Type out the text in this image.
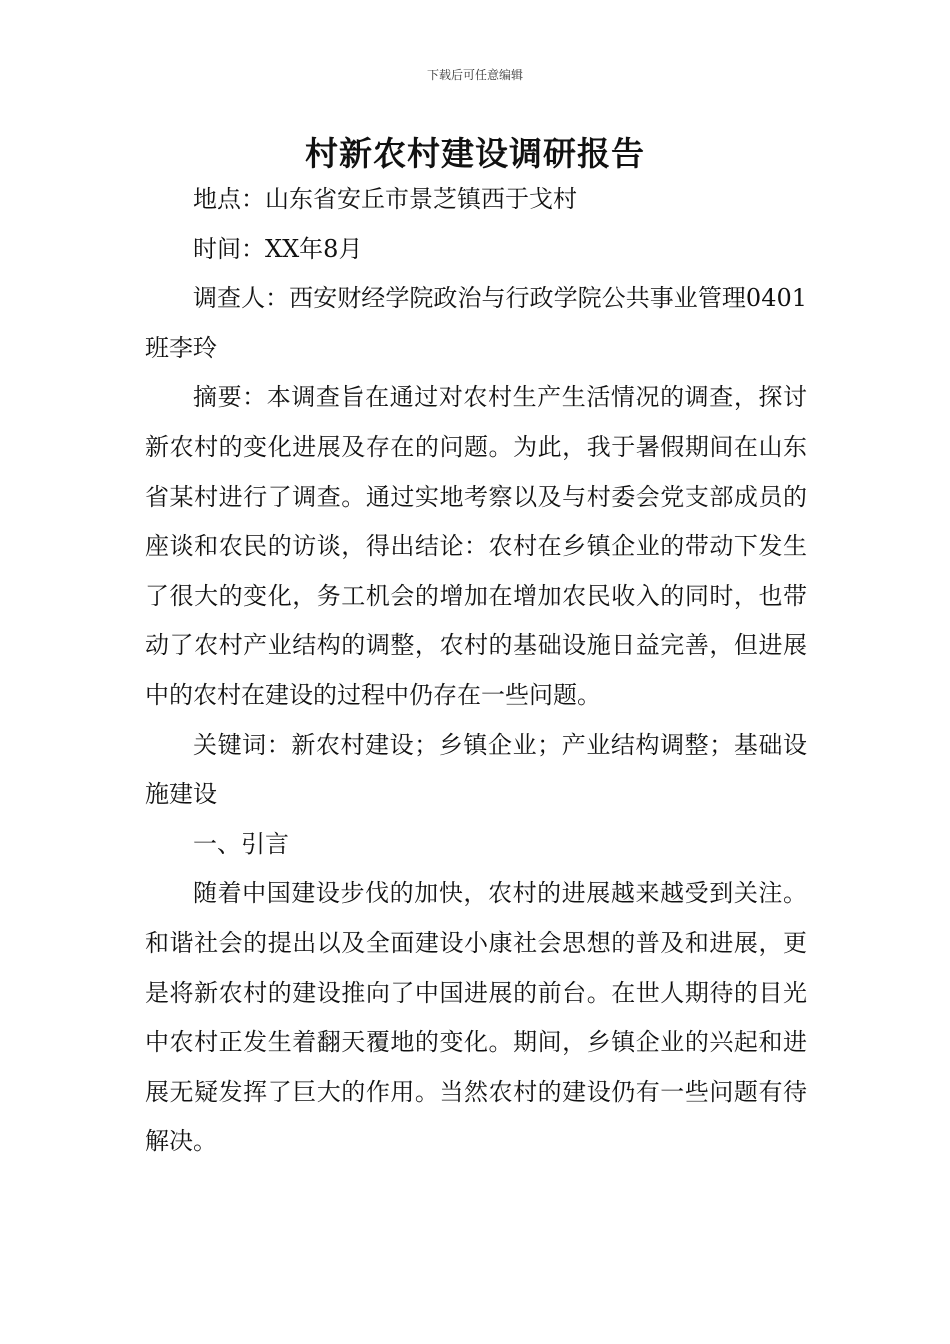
下载后可任意编辑
村新农村建设调研报告

地点：山东省安丘市景芝镇西于戈村

时间：XX年8月

调查人：西安财经学院政治与行政学院公共事业管理0401班李玲

摘要：本调查旨在通过对农村生产生活情况的调查，探讨新农村的变化进展及存在的问题。为此，我于暑假期间在山东省某村进行了调查。通过实地考察以及与村委会党支部成员的座谈和农民的访谈，得出结论：农村在乡镇企业的带动下发生了很大的变化，务工机会的增加在增加农民收入的同时，也带动了农村产业结构的调整，农村的基础设施日益完善，但进展中的农村在建设的过程中仍存在一些问题。

关键词：新农村建设；乡镇企业；产业结构调整；基础设施建设

一、引言

随着中国建设步伐的加快，农村的进展越来越受到关注。和谐社会的提出以及全面建设小康社会思想的普及和进展，更是将新农村的建设推向了中国进展的前台。在世人期待的目光中农村正发生着翻天覆地的变化。期间，乡镇企业的兴起和进展无疑发挥了巨大的作用。当然农村的建设仍有一些问题有待解决。
